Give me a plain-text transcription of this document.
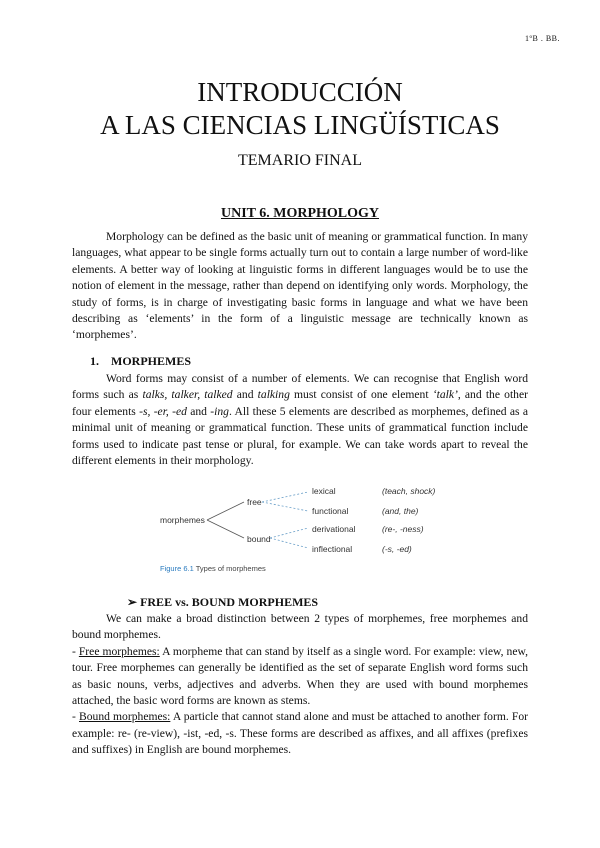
1ºB . BB.
INTRODUCCIÓN
A LAS CIENCIAS LINGÜÍSTICAS
TEMARIO FINAL
UNIT 6. MORPHOLOGY

Morphology can be defined as the basic unit of meaning or grammatical function. In many languages, what appear to be single forms actually turn out to contain a large number of word-like elements. A better way of looking at linguistic forms in different languages would be to use the notion of element in the message, rather than depend on identifying only words. Morphology, the study of forms, is in charge of investigating basic forms in language and what we have been describing as ‘elements’ in the form of a linguistic message are technically known as ‘morphemes’.

1. MORPHEMES

Word forms may consist of a number of elements. We can recognise that English word forms such as talks, talker, talked and talking must consist of one element ‘talk’, and the other four elements -s, -er, -ed and -ing. All these 5 elements are described as morphemes, defined as a minimal unit of meaning or grammatical function. These units of grammatical function include forms used to indicate past tense or plural, for example. We can take words apart to reveal the different elements in their morphology.

morphemes
free
bound
lexical
functional
derivational
inflectional
(teach, shock)
(and, the)
(re-, -ness)
(-s, -ed)
Figure 6.1 Types of morphemes
➢ FREE vs. BOUND MORPHEMES

We can make a broad distinction between 2 types of morphemes, free morphemes and bound morphemes.

- Free morphemes: A morpheme that can stand by itself as a single word. For example: view, new, tour. Free morphemes can generally be identified as the set of separate English word forms such as basic nouns, verbs, adjectives and adverbs. When they are used with bound morphemes attached, the basic word forms are known as stems.

- Bound morphemes: A particle that cannot stand alone and must be attached to another form. For example: re- (re-view), -ist, -ed, -s. These forms are described as affixes, and all affixes (prefixes and suffixes) in English are bound morphemes.
